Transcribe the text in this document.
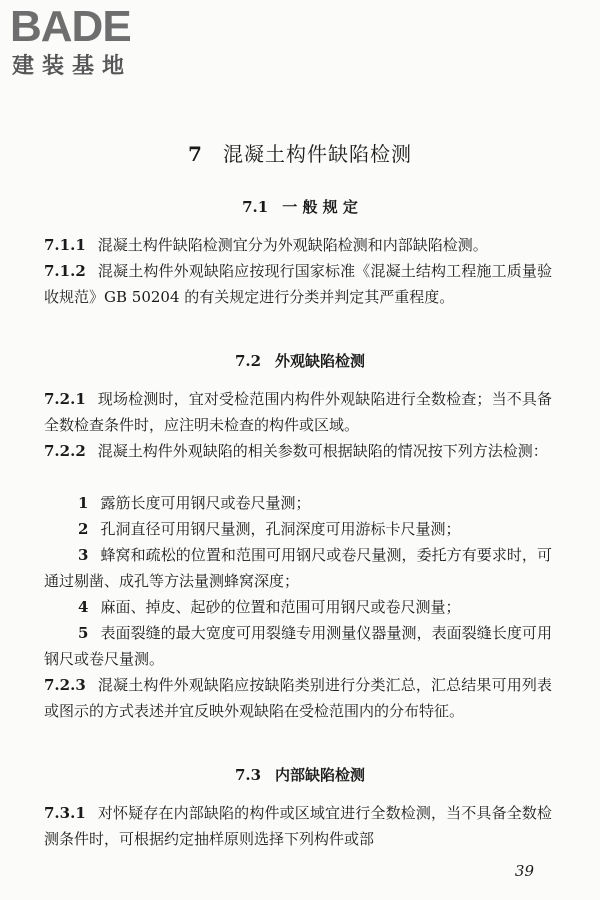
BADE
建装基地
7 混凝土构件缺陷检测
7.1 一 般 规 定
7.1.1 混凝土构件缺陷检测宜分为外观缺陷检测和内部缺陷检测。
7.1.2 混凝土构件外观缺陷应按现行国家标准《混凝土结构工程施工质量验收规范》GB 50204 的有关规定进行分类并判定其严重程度。
7.2 外观缺陷检测
7.2.1 现场检测时，宜对受检范围内构件外观缺陷进行全数检查；当不具备全数检查条件时，应注明未检查的构件或区域。
7.2.2 混凝土构件外观缺陷的相关参数可根据缺陷的情况按下列方法检测：
1 露筋长度可用钢尺或卷尺量测；
2 孔洞直径可用钢尺量测，孔洞深度可用游标卡尺量测；
3 蜂窝和疏松的位置和范围可用钢尺或卷尺量测，委托方有要求时，可通过剔凿、成孔等方法量测蜂窝深度；
4 麻面、掉皮、起砂的位置和范围可用钢尺或卷尺测量；
5 表面裂缝的最大宽度可用裂缝专用测量仪器量测，表面裂缝长度可用钢尺或卷尺量测。
7.2.3 混凝土构件外观缺陷应按缺陷类别进行分类汇总，汇总结果可用列表或图示的方式表述并宜反映外观缺陷在受检范围内的分布特征。
7.3 内部缺陷检测
7.3.1 对怀疑存在内部缺陷的构件或区域宜进行全数检测，当不具备全数检测条件时，可根据约定抽样原则选择下列构件或部
39
